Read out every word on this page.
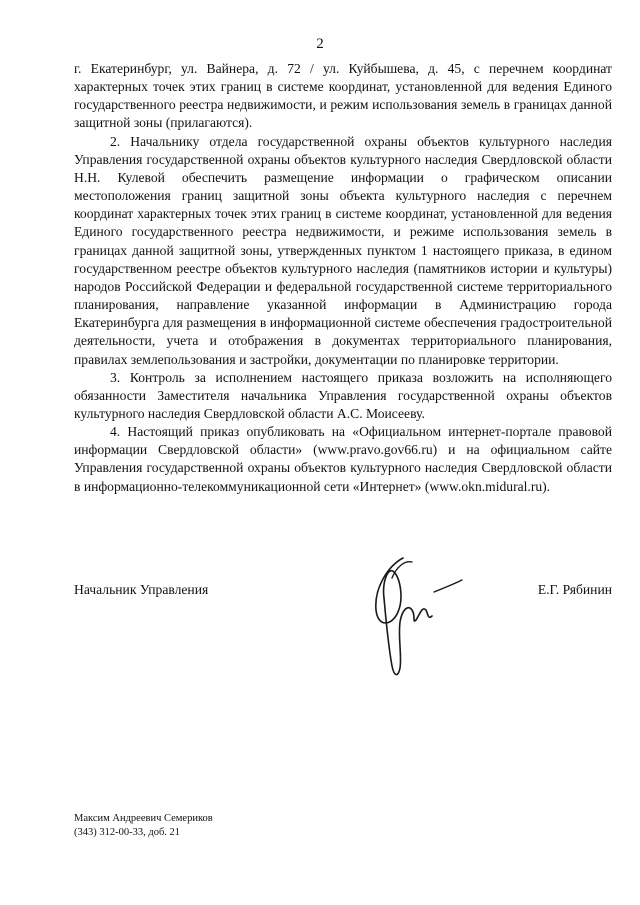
2

г. Екатеринбург, ул. Вайнера, д. 72 / ул. Куйбышева, д. 45, с перечнем координат характерных точек этих границ в системе координат, установленной для ведения Единого государственного реестра недвижимости, и режим использования земель в границах данной защитной зоны (прилагаются).

2. Начальнику отдела государственной охраны объектов культурного наследия Управления государственной охраны объектов культурного наследия Свердловской области Н.Н. Кулевой обеспечить размещение информации о графическом описании местоположения границ защитной зоны объекта культурного наследия с перечнем координат характерных точек этих границ в системе координат, установленной для ведения Единого государственного реестра недвижимости, и режиме использования земель в границах данной защитной зоны, утвержденных пунктом 1 настоящего приказа, в едином государственном реестре объектов культурного наследия (памятников истории и культуры) народов Российской Федерации и федеральной государственной системе территориального планирования, направление указанной информации в Администрацию города Екатеринбурга для размещения в информационной системе обеспечения градостроительной деятельности, учета и отображения в документах территориального планирования, правилах землепользования и застройки, документации по планировке территории.

3. Контроль за исполнением настоящего приказа возложить на исполняющего обязанности Заместителя начальника Управления государственной охраны объектов культурного наследия Свердловской области А.С. Моисееву.

4. Настоящий приказ опубликовать на «Официальном интернет-портале правовой информации Свердловской области» (www.pravo.gov66.ru) и на официальном сайте Управления государственной охраны объектов культурного наследия Свердловской области в информационно-телекоммуникационной сети «Интернет» (www.okn.midural.ru).

Начальник Управления	Е.Г. Рябинин
Максим Андреевич Семериков
(343) 312-00-33, доб. 21
